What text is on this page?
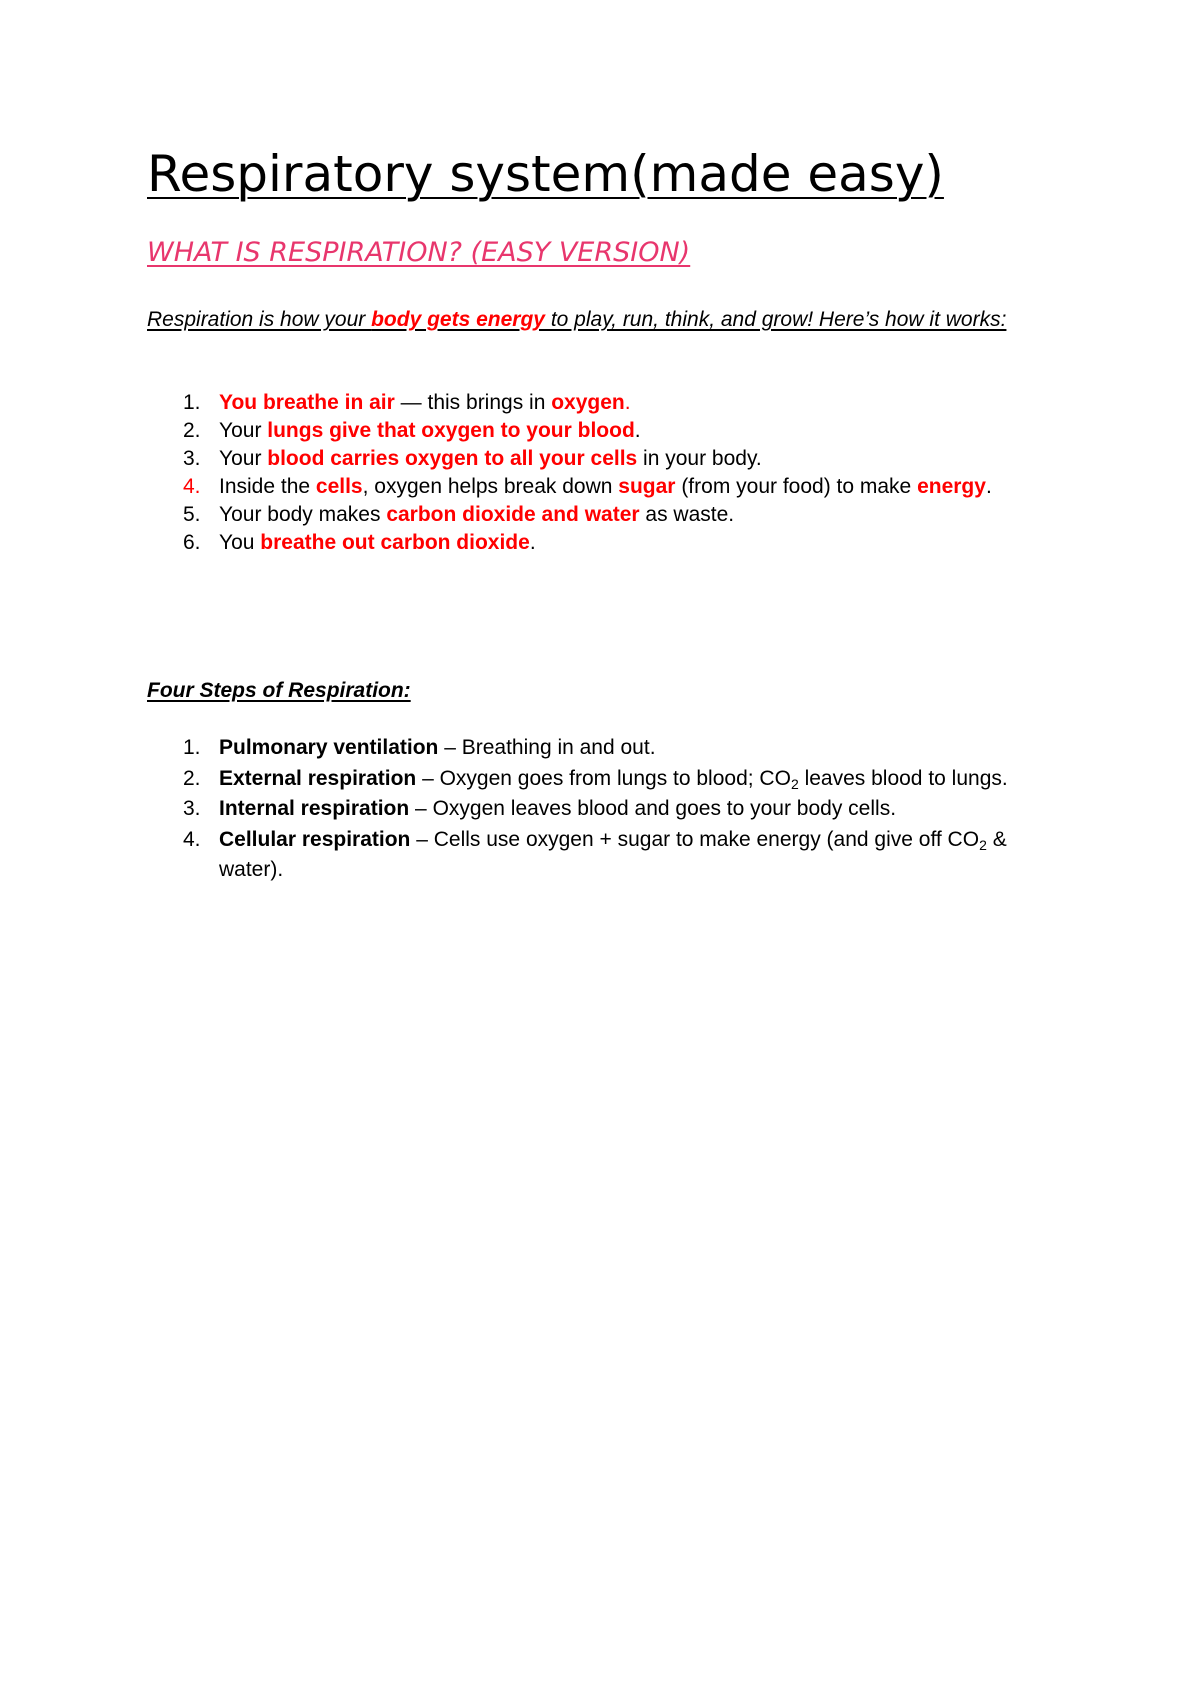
Respiratory system(made easy)
WHAT IS RESPIRATION? (EASY VERSION)

Respiration is how your body gets energy to play, run, think, and grow! Here’s how it works:

1. You breathe in air — this brings in oxygen.
2. Your lungs give that oxygen to your blood.
3. Your blood carries oxygen to all your cells in your body.
4. Inside the cells, oxygen helps break down sugar (from your food) to make energy.
5. Your body makes carbon dioxide and water as waste.
6. You breathe out carbon dioxide.
Four Steps of Respiration:
1. Pulmonary ventilation – Breathing in and out.
2. External respiration – Oxygen goes from lungs to blood; $CO_2$ leaves blood to lungs.
3. Internal respiration – Oxygen leaves blood and goes to your body cells.
4. Cellular respiration – Cells use oxygen + sugar to make energy (and give off $CO_2$ & water).
